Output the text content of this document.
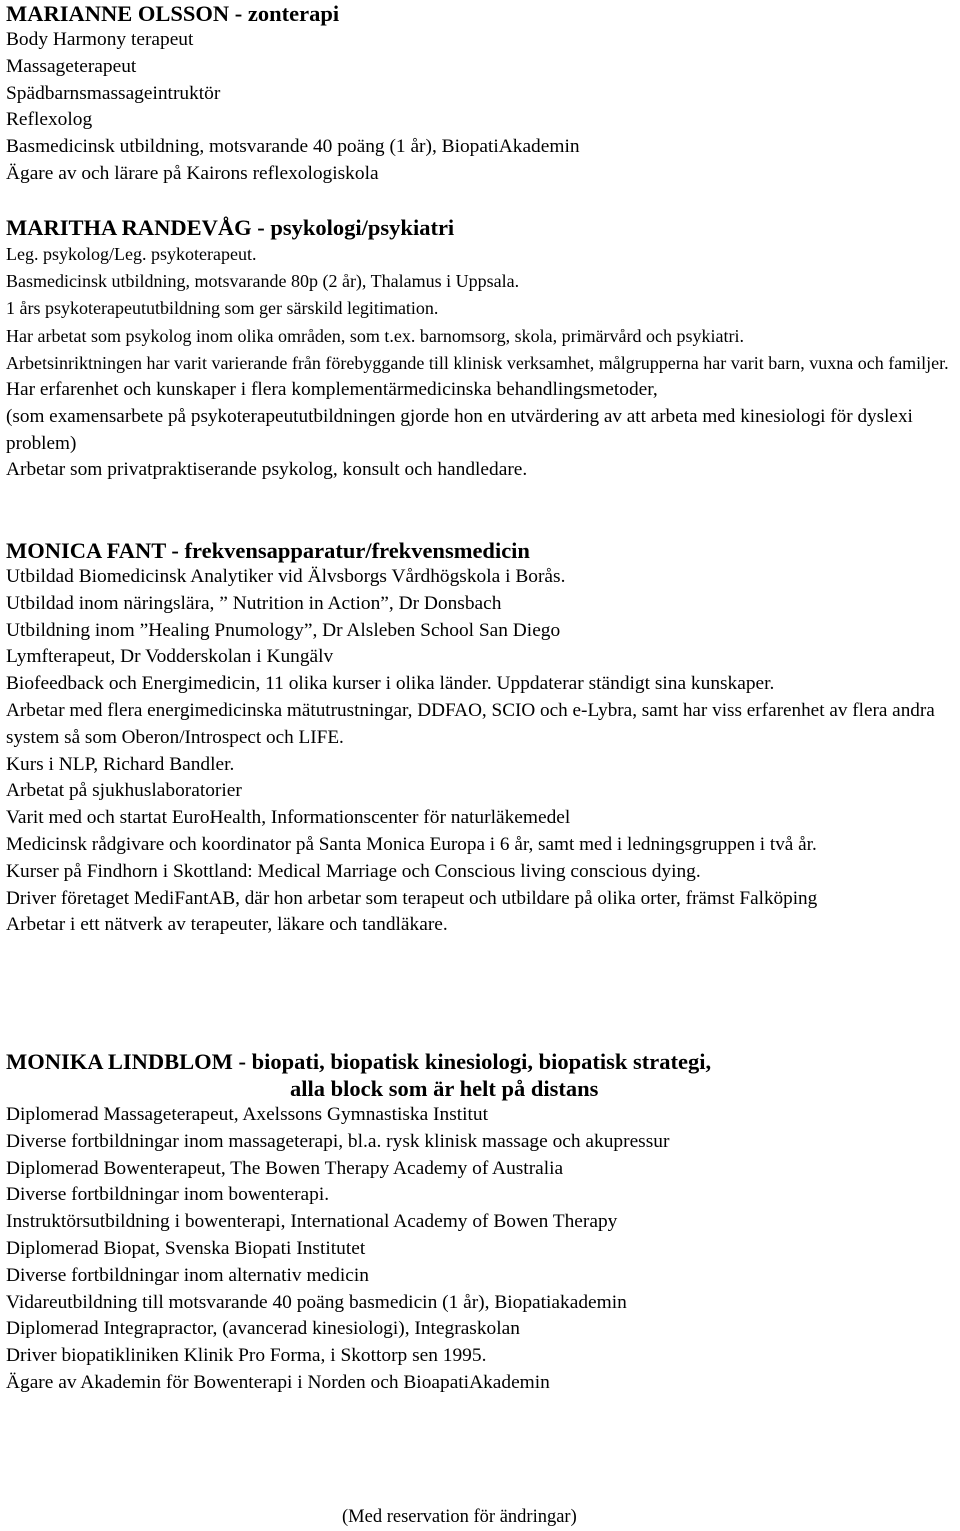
MARIANNE OLSSON - zonterapi
Body Harmony terapeut
Massageterapeut
Spädbarnsmassageintruktör
Reflexolog
Basmedicinsk utbildning, motsvarande 40 poäng (1 år), BiopatiAkademin
Ägare av och lärare på Kairons reflexologiskola
MARITHA RANDEVÅG - psykologi/psykiatri
Leg. psykolog/Leg. psykoterapeut.
Basmedicinsk utbildning, motsvarande 80p (2 år), Thalamus i Uppsala.
1 års psykoterapeututbildning som ger särskild legitimation.
Har arbetat som psykolog inom olika områden, som t.ex. barnomsorg, skola, primärvård och psykiatri.
Arbetsinriktningen har varit varierande från förebyggande till klinisk verksamhet, målgrupperna har varit barn, vuxna och familjer.
Har erfarenhet och kunskaper i flera komplementärmedicinska behandlingsmetoder,
(som examensarbete på psykoterapeututbildningen gjorde hon en utvärdering av att arbeta med kinesiologi för dyslexi problem)
Arbetar som privatpraktiserande psykolog, konsult och handledare.
MONICA FANT - frekvensapparatur/frekvensmedicin
Utbildad Biomedicinsk Analytiker vid Älvsborgs Vårdhögskola i Borås.
Utbildad inom näringslära, ” Nutrition in Action”, Dr Donsbach
Utbildning inom ”Healing Pnumology”, Dr Alsleben School San Diego
Lymfterapeut, Dr Vodderskolan i Kungälv
Biofeedback och Energimedicin, 11 olika kurser i olika länder. Uppdaterar ständigt sina kunskaper.
Arbetar med flera energimedicinska mätutrustningar, DDFAO, SCIO och e-Lybra, samt har viss erfarenhet av flera andra system så som Oberon/Introspect och LIFE.
Kurs i NLP, Richard Bandler.
Arbetat på sjukhuslaboratorier
Varit med och startat EuroHealth, Informationscenter för naturläkemedel
Medicinsk rådgivare och koordinator på Santa Monica Europa i 6 år, samt med i ledningsgruppen i två år.
Kurser på Findhorn i Skottland: Medical Marriage och Conscious living conscious dying.
Driver företaget MediFantAB, där hon arbetar som terapeut och utbildare på olika orter, främst Falköping
Arbetar i ett nätverk av terapeuter, läkare och tandläkare.
MONIKA LINDBLOM - biopati, biopatisk kinesiologi, biopatisk strategi,
alla block som är helt på distans
Diplomerad Massageterapeut, Axelssons Gymnastiska Institut
Diverse fortbildningar inom massageterapi, bl.a. rysk klinisk massage och akupressur
Diplomerad Bowenterapeut, The Bowen Therapy Academy of Australia
Diverse fortbildningar inom bowenterapi.
Instruktörsutbildning i bowenterapi, International Academy of Bowen Therapy
Diplomerad Biopat, Svenska Biopati Institutet
Diverse fortbildningar inom alternativ medicin
Vidareutbildning till motsvarande 40 poäng basmedicin (1 år), Biopatiakademin
Diplomerad Integrapractor, (avancerad kinesiologi), Integraskolan
Driver biopatikliniken Klinik Pro Forma, i Skottorp sen 1995.
Ägare av Akademin för Bowenterapi i Norden och BioapatiAkademin
(Med reservation för ändringar)
